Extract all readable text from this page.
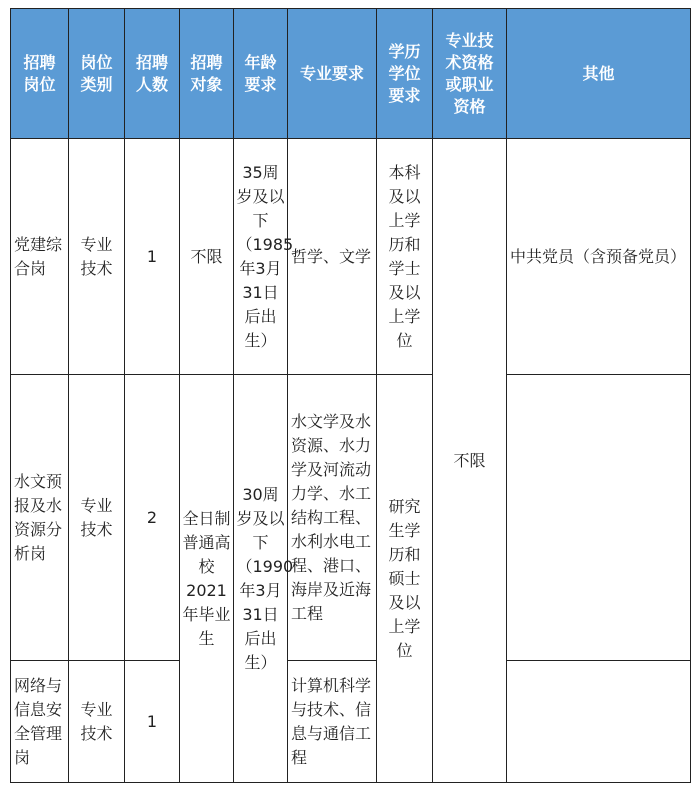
招聘岗位	岗位类别	招聘人数	招聘对象	年龄要求	专业要求	学历学位要求	专业技术资格或职业资格	其他

党建综合岗	专业技术	1	不限	35周岁及以下（1985年3月31日后出生）	哲学、文学	本科及以上学历和学士及以上学位	不限	中共党员（含预备党员）

水文预报及水资源分析岗	专业技术	2	全日制普通高校2021年毕业生	30周岁及以下（1990年3月31日后出生）	水文学及水资源、水力学及河流动力学、水工结构工程、水利水电工程、港口、海岸及近海工程	研究生学历和硕士及以上学位		

网络与信息安全管理岗	专业技术	1			计算机科学与技术、信息与通信工程			
